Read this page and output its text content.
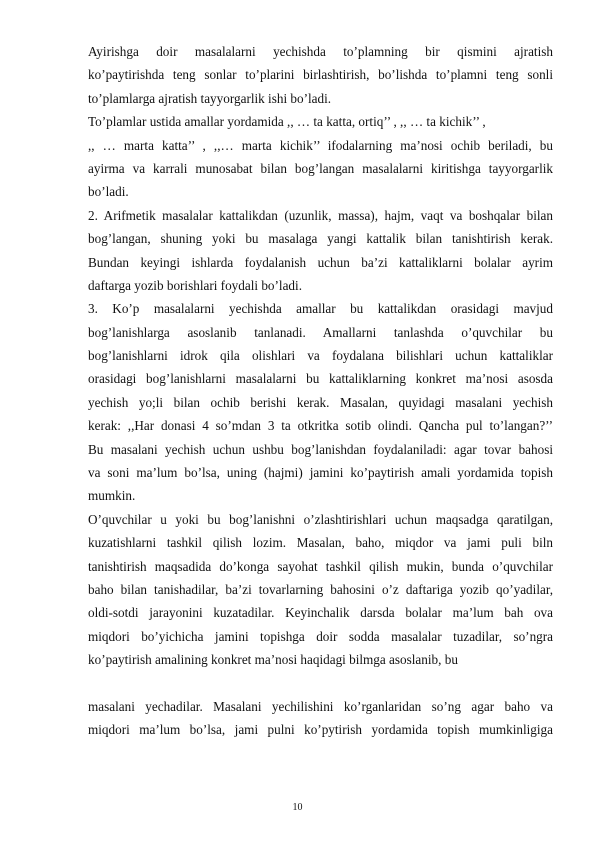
Ayirishga doir masalalarni yechishda to’plamning bir qismini ajratish
ko’paytirishda teng sonlar to’plarini birlashtirish, bo’lishda to’plamni teng sonli
to’plamlarga ajratish tayyorgarlik ishi bo’ladi.
To’plamlar ustida amallar yordamida ,, … ta katta, ortiq’’ , ,, … ta kichik’’ ,
,, … marta katta’’ , ,,… marta kichik’’ ifodalarning ma’nosi ochib beriladi, bu
ayirma va karrali munosabat bilan bog’langan masalalarni kiritishga tayyorgarlik
bo’ladi.
2. Arifmetik masalalar kattalikdan (uzunlik, massa), hajm, vaqt va boshqalar bilan
bog’langan, shuning yoki bu masalaga yangi kattalik bilan tanishtirish kerak.
Bundan keyingi ishlarda foydalanish uchun ba’zi kattaliklarni bolalar ayrim
daftarga yozib borishlari foydali bo’ladi.
3. Ko’p masalalarni yechishda amallar bu kattalikdan orasidagi mavjud
bog’lanishlarga asoslanib tanlanadi. Amallarni tanlashda o’quvchilar bu
bog’lanishlarni idrok qila olishlari va foydalana bilishlari uchun kattaliklar
orasidagi bog’lanishlarni masalalarni bu kattaliklarning konkret ma’nosi asosda
yechish yo;li bilan ochib berishi kerak. Masalan, quyidagi masalani yechish
kerak: ,,Har donasi 4 so’mdan 3 ta otkritka sotib olindi. Qancha pul to’langan?’’
Bu masalani yechish uchun ushbu bog’lanishdan foydalaniladi: agar tovar bahosi
va soni ma’lum bo’lsa, uning (hajmi) jamini ko’paytirish amali yordamida topish
mumkin.
O’quvchilar u yoki bu bog’lanishni o’zlashtirishlari uchun maqsadga qaratilgan,
kuzatishlarni tashkil qilish lozim. Masalan, baho, miqdor va jami puli biln
tanishtirish maqsadida do’konga sayohat tashkil qilish mukin, bunda o’quvchilar
baho bilan tanishadilar, ba’zi tovarlarning bahosini o’z daftariga yozib qo’yadilar,
oldi-sotdi jarayonini kuzatadilar. Keyinchalik darsda bolalar ma’lum bah ova
miqdori bo’yichicha jamini topishga doir sodda masalalar tuzadilar, so’ngra
ko’paytirish amalining konkret ma’nosi haqidagi bilmga asoslanib, bu
masalani yechadilar. Masalani yechilishini ko’rganlaridan so’ng agar baho va
miqdori ma’lum bo’lsa, jami pulni ko’pytirish yordamida topish mumkinligiga
10
